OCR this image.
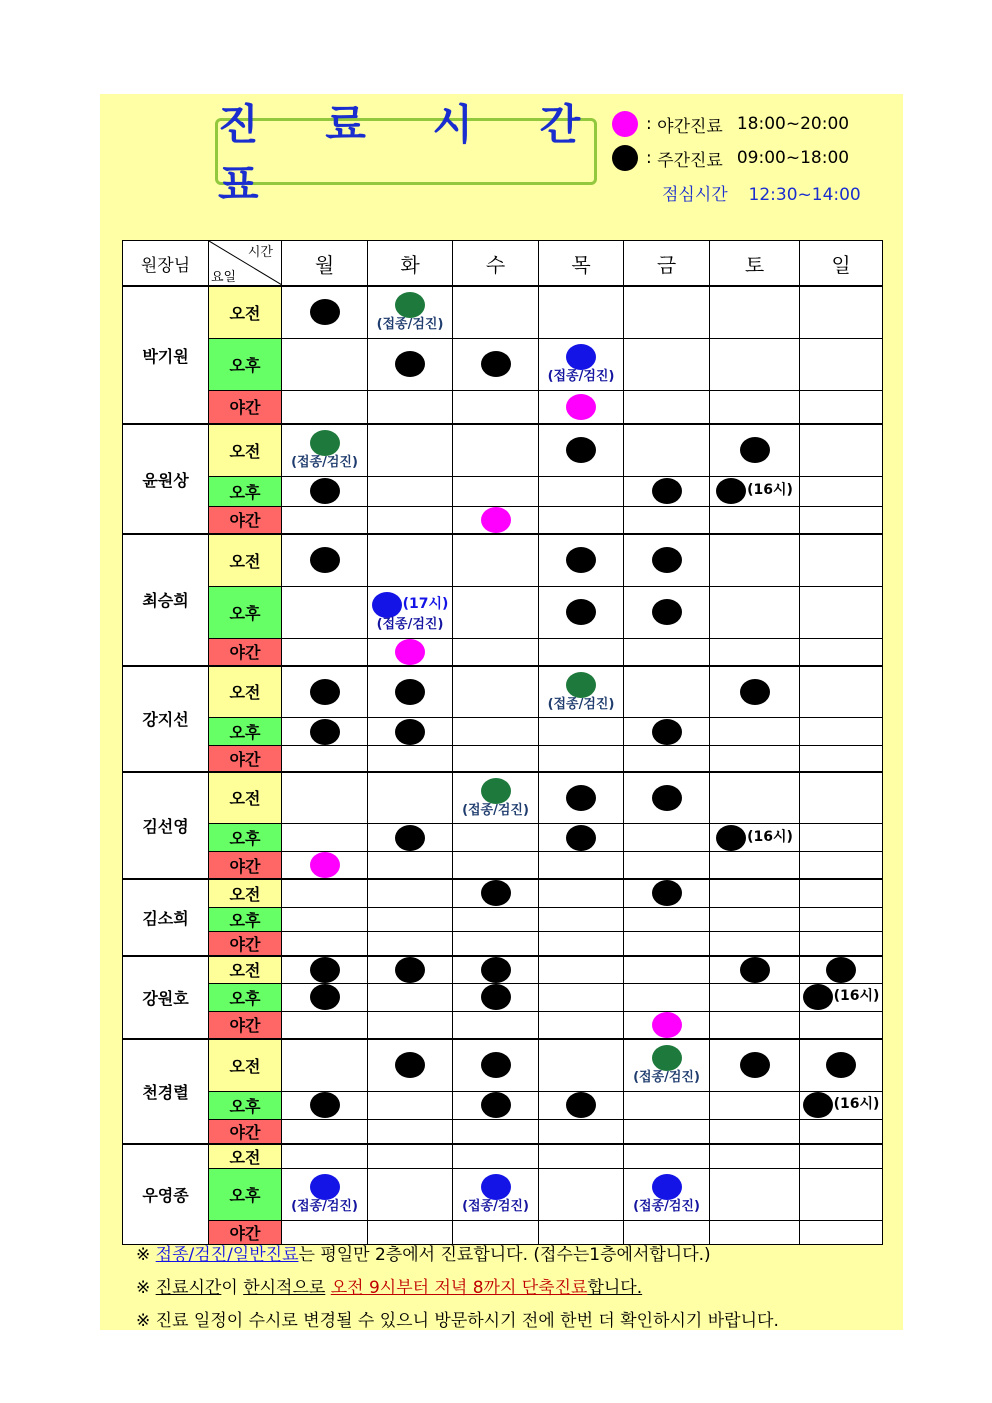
진 료 시 간 표
: 야간진료 18:00~20:00
: 주간진료 09:00~18:00
점심시간 12:30~14:00
원장님	시간
요일	월	화	수	목	금	토	일
박기원	오전		(접종/검진)					

	오후				(접종/검진)			

	야간				

윤원상	오전	(접종/검진)						

	오후						(16시)	

	야간			

최승희	오전	

	오후		(17시)
(접종/검진)					

	야간		

강지선	오전				(접종/검진)			

	오후	

	야간							
김선영	오전			(접종/검진)				

	오후						(16시)	

	야간	

김소희	오전			

	오후							
	야간							
강원호	오전	

	오후							(16시)

	야간					

천경렬	오전					(접종/검진)		

	오후							(16시)

	야간							
우영종	오전							
	오후	(접종/검진)		(접종/검진)		(접종/검진)		

	야간							
※ 접종/검진/일반진료는 평일만 2층에서 진료합니다. (접수는1층에서합니다.)
※ 진료시간이 한시적으로 오전 9시부터 저녁 8까지 단축진료합니다.
※ 진료 일정이 수시로 변경될 수 있으니 방문하시기 전에 한번 더 확인하시기 바랍니다.
